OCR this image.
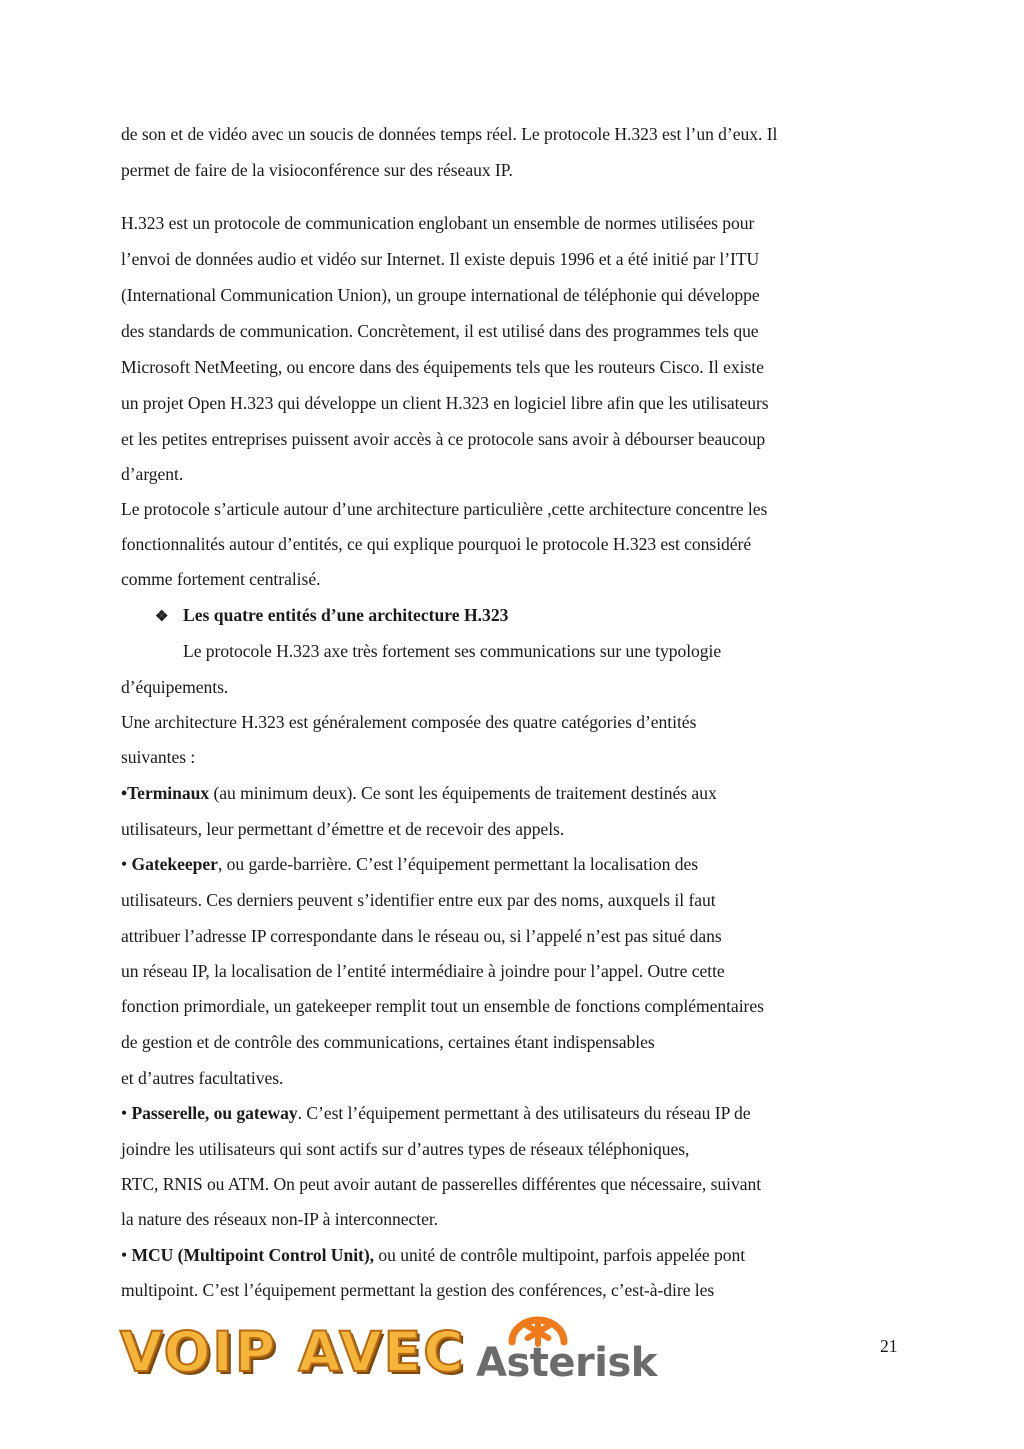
de son et de vidéo avec un soucis de données temps réel. Le protocole H.323 est l’un d’eux. Il
permet de faire de la visioconférence sur des réseaux IP.
H.323 est un protocole de communication englobant un ensemble de normes utilisées pour
l’envoi de données audio et vidéo sur Internet. Il existe depuis 1996 et a été initié par l’ITU
(International Communication Union), un groupe international de téléphonie qui développe
des standards de communication. Concrètement, il est utilisé dans des programmes tels que
Microsoft NetMeeting, ou encore dans des équipements tels que les routeurs Cisco. Il existe
un projet Open H.323 qui développe un client H.323 en logiciel libre afin que les utilisateurs
et les petites entreprises puissent avoir accès à ce protocole sans avoir à débourser beaucoup
d’argent.
Le protocole s’articule autour d’une architecture particulière ,cette architecture concentre les
fonctionnalités autour d’entités, ce qui explique pourquoi le protocole H.323 est considéré
comme fortement centralisé.
❖ Les quatre entités d’une architecture H.323
Le protocole H.323 axe très fortement ses communications sur une typologie
d’équipements.
Une architecture H.323 est généralement composée des quatre catégories d’entités
suivantes :
•Terminaux (au minimum deux). Ce sont les équipements de traitement destinés aux
utilisateurs, leur permettant d’émettre et de recevoir des appels.
• Gatekeeper, ou garde-barrière. C’est l’équipement permettant la localisation des
utilisateurs. Ces derniers peuvent s’identifier entre eux par des noms, auxquels il faut
attribuer l’adresse IP correspondante dans le réseau ou, si l’appelé n’est pas situé dans
un réseau IP, la localisation de l’entité intermédiaire à joindre pour l’appel. Outre cette
fonction primordiale, un gatekeeper remplit tout un ensemble de fonctions complémentaires
de gestion et de contrôle des communications, certaines étant indispensables
et d’autres facultatives.
• Passerelle, ou gateway. C’est l’équipement permettant à des utilisateurs du réseau IP de
joindre les utilisateurs qui sont actifs sur d’autres types de réseaux téléphoniques,
RTC, RNIS ou ATM. On peut avoir autant de passerelles différentes que nécessaire, suivant
la nature des réseaux non-IP à interconnecter.
• MCU (Multipoint Control Unit), ou unité de contrôle multipoint, parfois appelée pont
multipoint. C’est l’équipement permettant la gestion des conférences, c’est-à-dire les
21
VOIP AVEC Asterisk
